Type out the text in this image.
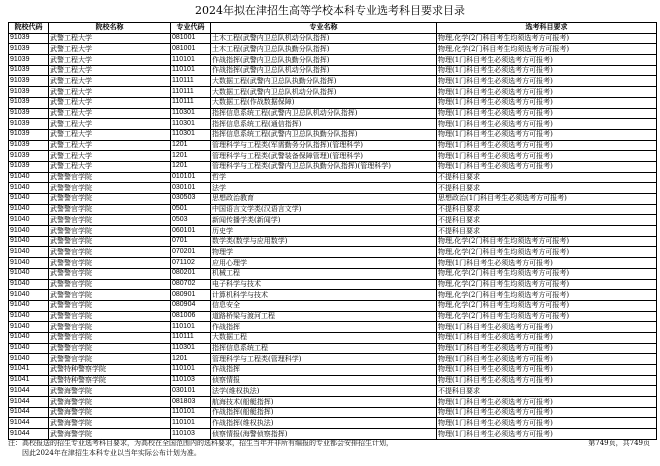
2024年拟在津招生高等学校本科专业选考科目要求目录
院校代码	院校名称	专业代码	专业名称	选考科目要求
91039	武警工程大学	081001	土木工程(武警内卫总队机动分队指挥)	物理,化学(2门科目考生均须选考方可报考)
91039	武警工程大学	081001	土木工程(武警内卫总队执勤分队指挥)	物理,化学(2门科目考生均须选考方可报考)
91039	武警工程大学	110101	作战指挥(武警内卫总队执勤分队指挥)	物理(1门科目考生必须选考方可报考)
91039	武警工程大学	110101	作战指挥(武警内卫总队机动分队指挥)	物理(1门科目考生必须选考方可报考)
91039	武警工程大学	110111	大数据工程(武警内卫总队执勤分队指挥)	物理(1门科目考生必须选考方可报考)
91039	武警工程大学	110111	大数据工程(武警内卫总队机动分队指挥)	物理(1门科目考生必须选考方可报考)
91039	武警工程大学	110111	大数据工程(作战数据保障)	物理(1门科目考生必须选考方可报考)
91039	武警工程大学	110301	指挥信息系统工程(武警内卫总队机动分队指挥)	物理(1门科目考生必须选考方可报考)
91039	武警工程大学	110301	指挥信息系统工程(通信指挥)	物理(1门科目考生必须选考方可报考)
91039	武警工程大学	110301	指挥信息系统工程(武警内卫总队执勤分队指挥)	物理(1门科目考生必须选考方可报考)
91039	武警工程大学	1201	管理科学与工程类(军需勤务分队指挥)(管理科学)	物理(1门科目考生必须选考方可报考)
91039	武警工程大学	1201	管理科学与工程类(武警装备保障管理)(管理科学)	物理(1门科目考生必须选考方可报考)
91039	武警工程大学	1201	管理科学与工程类(武警内卫总队执勤分队指挥)(管理科学)	物理(1门科目考生必须选考方可报考)
91040	武警警官学院	010101	哲学	不提科目要求
91040	武警警官学院	030101	法学	不提科目要求
91040	武警警官学院	030503	思想政治教育	思想政治(1门科目考生必须选考方可报考)
91040	武警警官学院	0501	中国语言文学类(汉语言文学)	不提科目要求
91040	武警警官学院	0503	新闻传播学类(新闻学)	不提科目要求
91040	武警警官学院	060101	历史学	不提科目要求
91040	武警警官学院	0701	数学类(数学与应用数学)	物理,化学(2门科目考生均须选考方可报考)
91040	武警警官学院	070201	物理学	物理,化学(2门科目考生均须选考方可报考)
91040	武警警官学院	071102	应用心理学	物理(1门科目考生必须选考方可报考)
91040	武警警官学院	080201	机械工程	物理,化学(2门科目考生均须选考方可报考)
91040	武警警官学院	080702	电子科学与技术	物理,化学(2门科目考生均须选考方可报考)
91040	武警警官学院	080901	计算机科学与技术	物理,化学(2门科目考生均须选考方可报考)
91040	武警警官学院	080904	信息安全	物理,化学(2门科目考生均须选考方可报考)
91040	武警警官学院	081006	道路桥梁与渡河工程	物理,化学(2门科目考生均须选考方可报考)
91040	武警警官学院	110101	作战指挥	物理(1门科目考生必须选考方可报考)
91040	武警警官学院	110111	大数据工程	物理(1门科目考生必须选考方可报考)
91040	武警警官学院	110301	指挥信息系统工程	物理(1门科目考生必须选考方可报考)
91040	武警警官学院	1201	管理科学与工程类(管理科学)	物理(1门科目考生必须选考方可报考)
91041	武警特种警察学院	110101	作战指挥	物理(1门科目考生必须选考方可报考)
91041	武警特种警察学院	110103	侦察情报	物理(1门科目考生必须选考方可报考)
91044	武警海警学院	030101	法学(维权执法)	不提科目要求
91044	武警海警学院	081803	航海技术(船艇指挥)	物理(1门科目考生必须选考方可报考)
91044	武警海警学院	110101	作战指挥(船艇指挥)	物理(1门科目考生必须选考方可报考)
91044	武警海警学院	110101	作战指挥(维权执法)	物理(1门科目考生必须选考方可报考)
91044	武警海警学院	110103	侦察情报(海警侦察指挥)	物理(1门科目考生必须选考方可报考)
注：高校报送的招生专业选考科目要求，为高校在全国范围内的选科要求，招生当年并非所有编报的专业都会安排招生计划，
因此2024年在津招生本科专业以当年实际公布计划为准。
第749页，共749页
